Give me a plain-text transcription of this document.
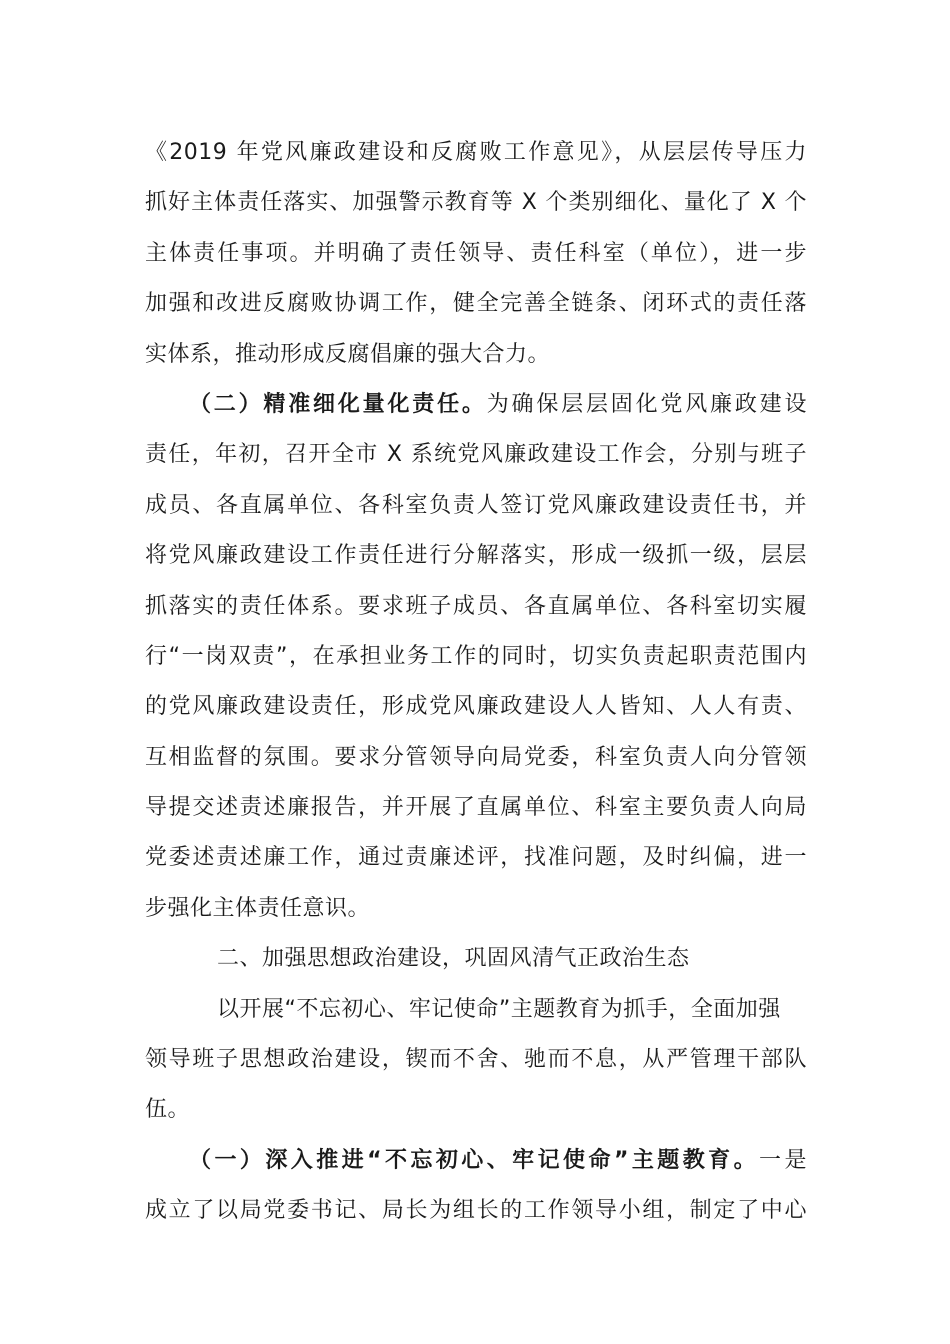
《2019 年党风廉政建设和反腐败工作意见》，从层层传导压力
抓好主体责任落实、加强警示教育等 X 个类别细化、量化了 X 个
主体责任事项。并明确了责任领导、责任科室（单位），进一步
加强和改进反腐败协调工作，健全完善全链条、闭环式的责任落
实体系，推动形成反腐倡廉的强大合力。
（二）精准细化量化责任。为确保层层固化党风廉政建设
责任，年初，召开全市 X 系统党风廉政建设工作会，分别与班子
成员、各直属单位、各科室负责人签订党风廉政建设责任书，并
将党风廉政建设工作责任进行分解落实，形成一级抓一级，层层
抓落实的责任体系。要求班子成员、各直属单位、各科室切实履
行“一岗双责”，在承担业务工作的同时，切实负责起职责范围内
的党风廉政建设责任，形成党风廉政建设人人皆知、人人有责、
互相监督的氛围。要求分管领导向局党委，科室负责人向分管领
导提交述责述廉报告，并开展了直属单位、科室主要负责人向局
党委述责述廉工作，通过责廉述评，找准问题，及时纠偏，进一
步强化主体责任意识。
二、加强思想政治建设，巩固风清气正政治生态
以开展“不忘初心、牢记使命”主题教育为抓手，全面加强
领导班子思想政治建设，锲而不舍、驰而不息，从严管理干部队
伍。
（一）深入推进“不忘初心、牢记使命”主题教育。一是
成立了以局党委书记、局长为组长的工作领导小组，制定了中心
